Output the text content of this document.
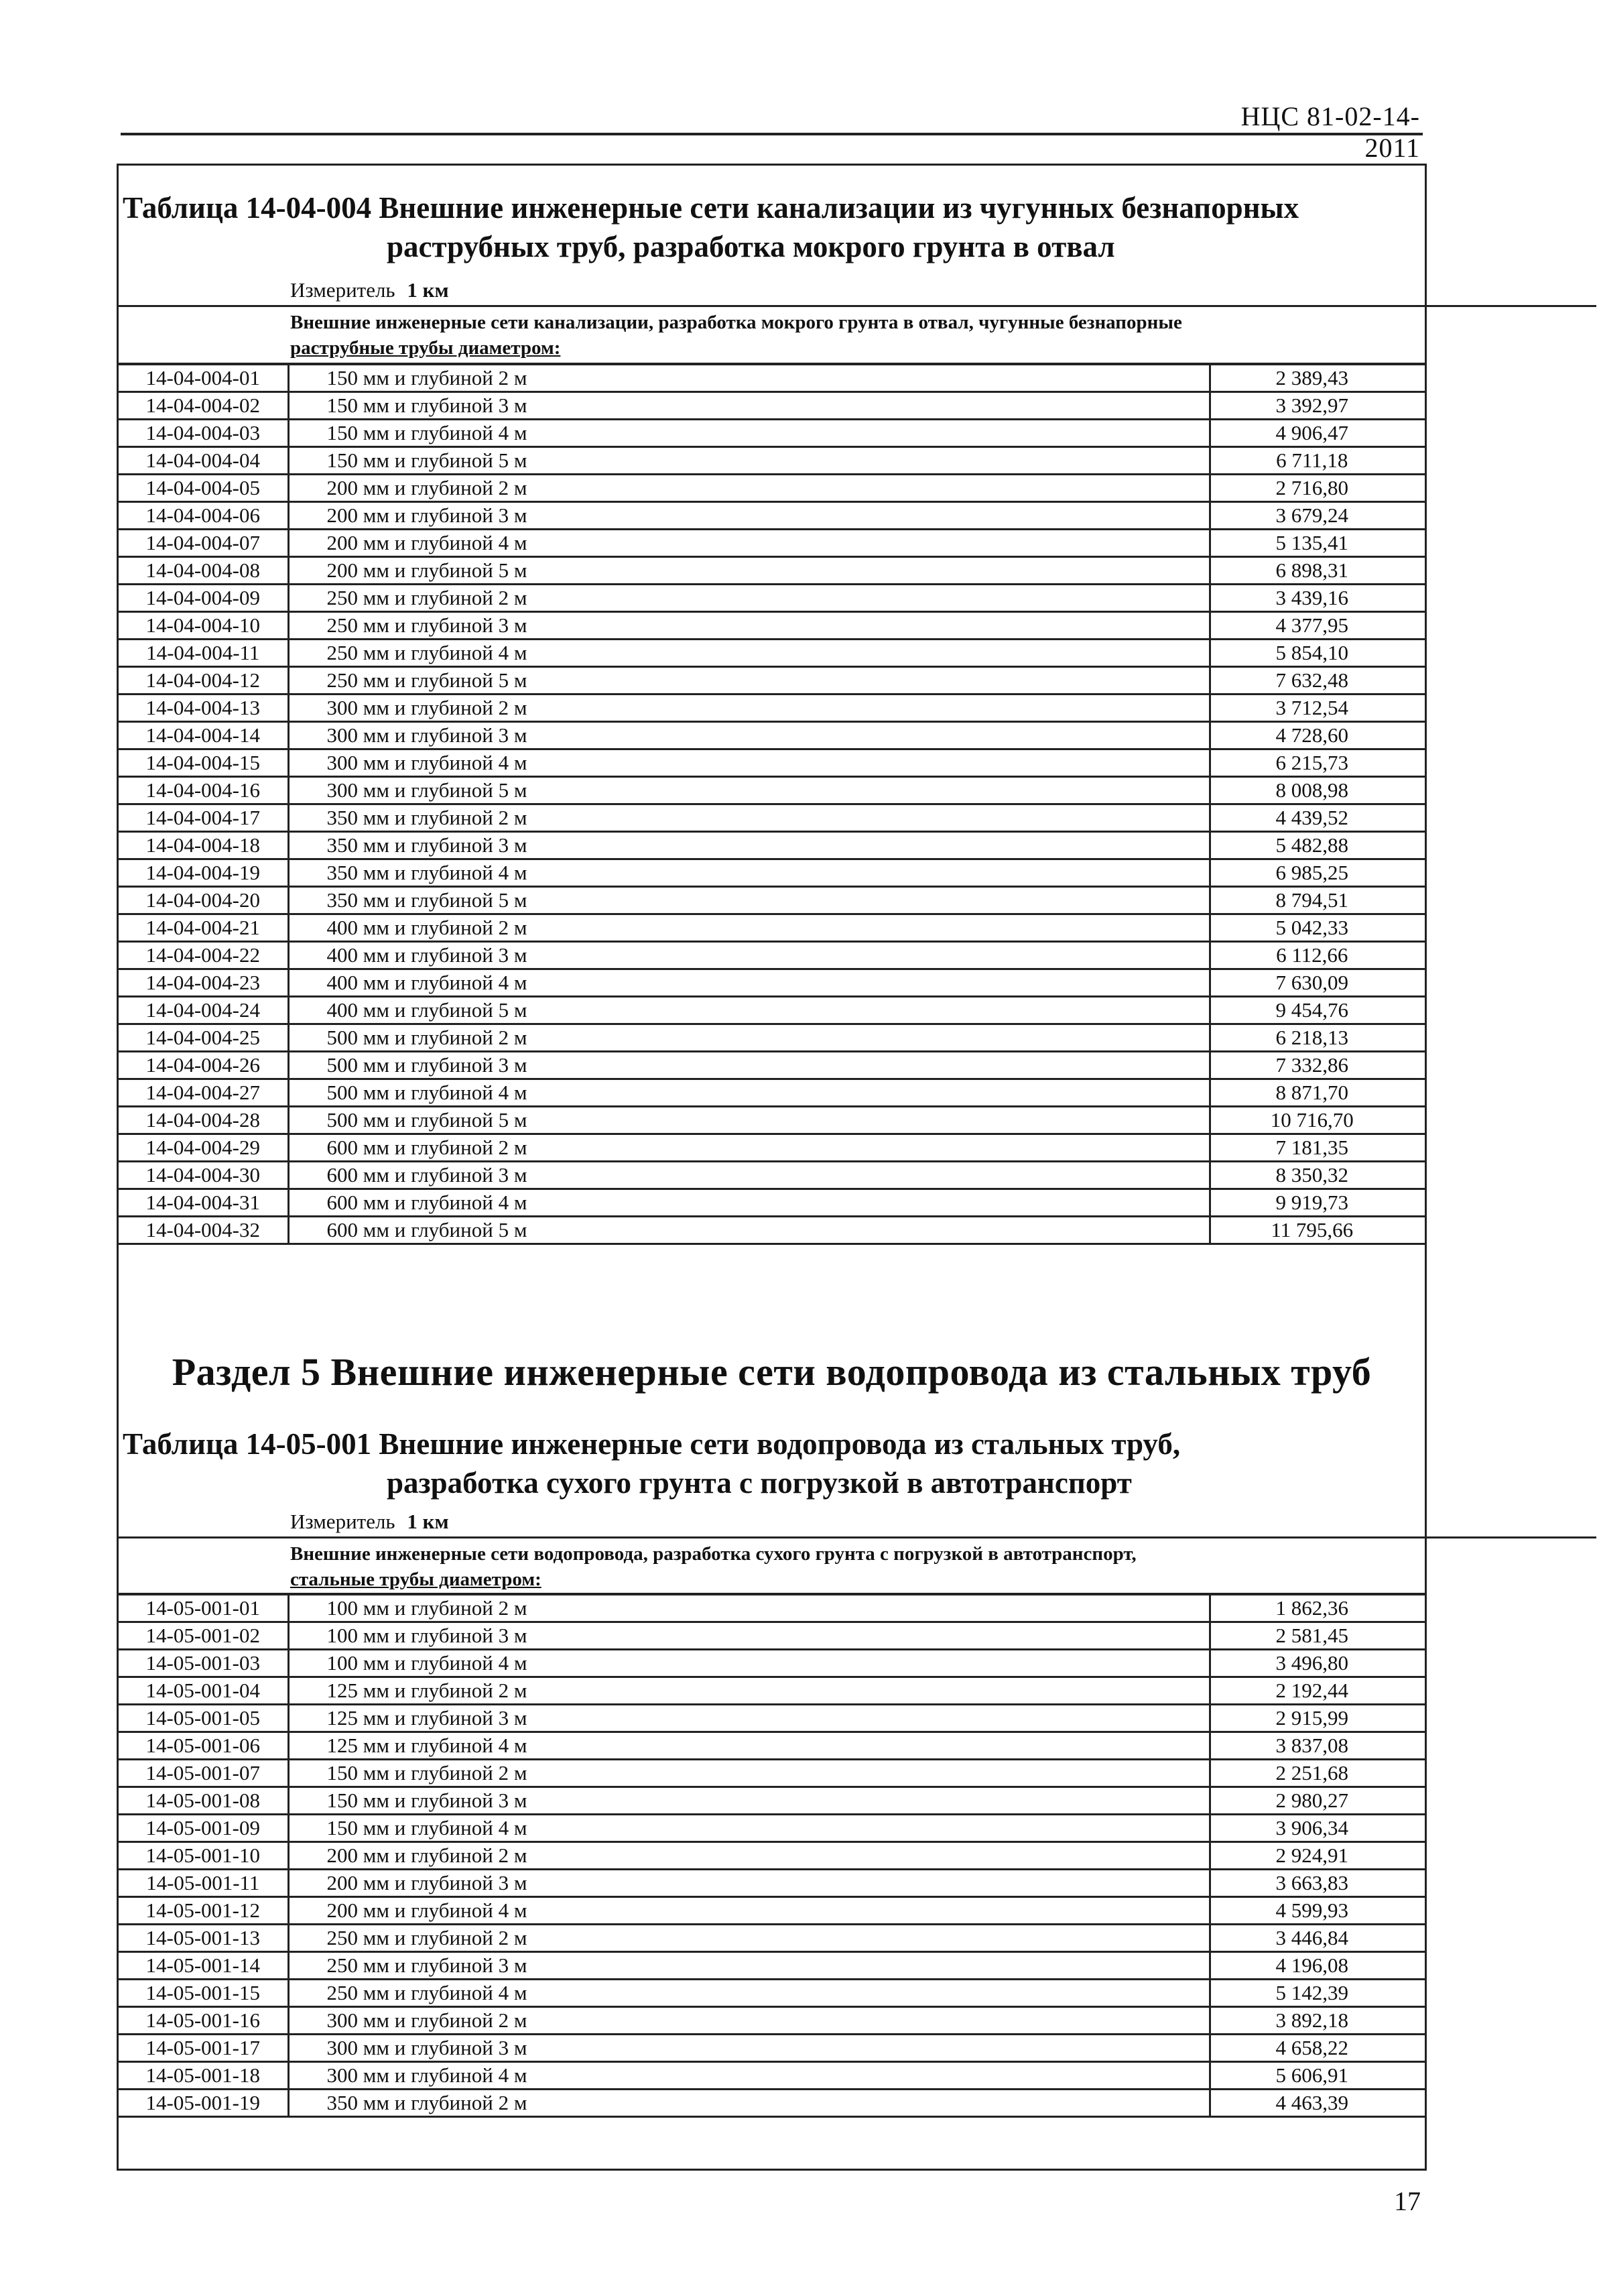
НЦС 81-02-14-2011
Таблица 14-04-004 Внешние инженерные сети канализации из чугунных безнапорных
раструбных труб, разработка мокрого грунта в отвал
Измеритель 1 км
Внешние инженерные сети канализации, разработка мокрого грунта в отвал, чугунные безнапорные
раструбные трубы диаметром:
14-04-004-01	150 мм и глубиной 2 м	2 389,43
14-04-004-02	150 мм и глубиной 3 м	3 392,97
14-04-004-03	150 мм и глубиной 4 м	4 906,47
14-04-004-04	150 мм и глубиной 5 м	6 711,18
14-04-004-05	200 мм и глубиной 2 м	2 716,80
14-04-004-06	200 мм и глубиной 3 м	3 679,24
14-04-004-07	200 мм и глубиной 4 м	5 135,41
14-04-004-08	200 мм и глубиной 5 м	6 898,31
14-04-004-09	250 мм и глубиной 2 м	3 439,16
14-04-004-10	250 мм и глубиной 3 м	4 377,95
14-04-004-11	250 мм и глубиной 4 м	5 854,10
14-04-004-12	250 мм и глубиной 5 м	7 632,48
14-04-004-13	300 мм и глубиной 2 м	3 712,54
14-04-004-14	300 мм и глубиной 3 м	4 728,60
14-04-004-15	300 мм и глубиной 4 м	6 215,73
14-04-004-16	300 мм и глубиной 5 м	8 008,98
14-04-004-17	350 мм и глубиной 2 м	4 439,52
14-04-004-18	350 мм и глубиной 3 м	5 482,88
14-04-004-19	350 мм и глубиной 4 м	6 985,25
14-04-004-20	350 мм и глубиной 5 м	8 794,51
14-04-004-21	400 мм и глубиной 2 м	5 042,33
14-04-004-22	400 мм и глубиной 3 м	6 112,66
14-04-004-23	400 мм и глубиной 4 м	7 630,09
14-04-004-24	400 мм и глубиной 5 м	9 454,76
14-04-004-25	500 мм и глубиной 2 м	6 218,13
14-04-004-26	500 мм и глубиной 3 м	7 332,86
14-04-004-27	500 мм и глубиной 4 м	8 871,70
14-04-004-28	500 мм и глубиной 5 м	10 716,70
14-04-004-29	600 мм и глубиной 2 м	7 181,35
14-04-004-30	600 мм и глубиной 3 м	8 350,32
14-04-004-31	600 мм и глубиной 4 м	9 919,73
14-04-004-32	600 мм и глубиной 5 м	11 795,66
Раздел 5 Внешние инженерные сети водопровода из стальных труб
Таблица 14-05-001 Внешние инженерные сети водопровода из стальных труб,
разработка сухого грунта с погрузкой в автотранспорт
Измеритель 1 км
Внешние инженерные сети водопровода, разработка сухого грунта с погрузкой в автотранспорт,
стальные трубы диаметром:
14-05-001-01	100 мм и глубиной 2 м	1 862,36
14-05-001-02	100 мм и глубиной 3 м	2 581,45
14-05-001-03	100 мм и глубиной 4 м	3 496,80
14-05-001-04	125 мм и глубиной 2 м	2 192,44
14-05-001-05	125 мм и глубиной 3 м	2 915,99
14-05-001-06	125 мм и глубиной 4 м	3 837,08
14-05-001-07	150 мм и глубиной 2 м	2 251,68
14-05-001-08	150 мм и глубиной 3 м	2 980,27
14-05-001-09	150 мм и глубиной 4 м	3 906,34
14-05-001-10	200 мм и глубиной 2 м	2 924,91
14-05-001-11	200 мм и глубиной 3 м	3 663,83
14-05-001-12	200 мм и глубиной 4 м	4 599,93
14-05-001-13	250 мм и глубиной 2 м	3 446,84
14-05-001-14	250 мм и глубиной 3 м	4 196,08
14-05-001-15	250 мм и глубиной 4 м	5 142,39
14-05-001-16	300 мм и глубиной 2 м	3 892,18
14-05-001-17	300 мм и глубиной 3 м	4 658,22
14-05-001-18	300 мм и глубиной 4 м	5 606,91
14-05-001-19	350 мм и глубиной 2 м	4 463,39
17
